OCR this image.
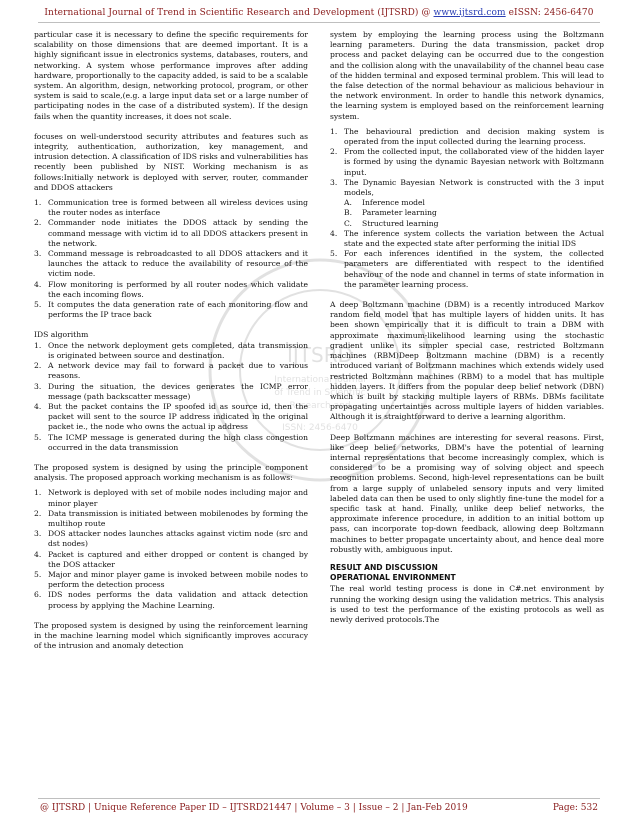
International Journal of Trend in Scientific Research and Development (IJTSRD) @ www.ijtsrd.com eISSN: 2456-6470
IJTSRD
International Journal
of Trend in Scientific
Research and
ISSN: 2456-6470

particular case it is necessary to define the specific requirements for scalability on those dimensions that are deemed important. It is a highly significant issue in electronics systems, databases, routers, and networking. A system whose performance improves after adding hardware, proportionally to the capacity added, is said to be a scalable system. An algorithm, design, networking protocol, program, or other system is said to scale,(e.g. a large input data set or a large number of participating nodes in the case of a distributed system). If the design fails when the quantity increases, it does not scale.

focuses on well-understood security attributes and features such as integrity, authentication, authorization, key management, and intrusion detection. A classification of IDS risks and vulnerabilities has recently been published by NIST. Working mechanism is as follows:Initially network is deployed with server, router, commander and DDOS attackers

1. Communication tree is formed between all wireless devices using the router nodes as interface
2. Commander node initiates the DDOS attack by sending the command message with victim id to all DDOS attackers present in the network.
3. Command message is rebroadcasted to all DDOS attackers and it launches the attack to reduce the availability of resource of the victim node.
4. Flow monitoring is performed by all router nodes which validate the each incoming flows.
5. It computes the data generation rate of each monitoring flow and performs the IP trace back

IDS algorithm

1. Once the network deployment gets completed, data transmission is originated between source and destination.
2. A network device may fail to forward a packet due to various reasons.
3. During the situation, the devices generates the ICMP error message (path backscatter message)
4. But the packet contains the IP spoofed id as source id, then the packet will sent to the source IP address indicated in the original packet ie., the node who owns the actual ip address
5. The ICMP message is generated during the high class congestion occurred in the data transmission

The proposed system is designed by using the principle component analysis. The proposed approach working mechanism is as follows:

1. Network is deployed with set of mobile nodes including major and minor player
2. Data transmission is initiated between mobilenodes by forming the multihop route
3. DOS attacker nodes launches attacks against victim node (src and dst nodes)
4. Packet is captured and either dropped or content is changed by the DOS attacker
5. Major and minor player game is invoked between mobile nodes to perform the detection process
6. IDS nodes performs the data validation and attack detection process by applying the Machine Learning.

The proposed system is designed by using the reinforcement learning in the machine learning model which significantly improves accuracy of the intrusion and anomaly detection

system by employing the learning process using the Boltzmann learning parameters. During the data transmission, packet drop process and packet delaying can be occurred due to the congestion and the collision along with the unavailability of the channel beau case of the hidden terminal and exposed terminal problem. This will lead to the false detection of the normal behaviour as malicious behaviour in the network environment. In order to handle this network dynamics, the learning system is employed based on the reinforcement learning system.

1. The behavioural prediction and decision making system is operated from the input collected during the learning process.
2. From the collected input, the collaborated view of the hidden layer is formed by using the dynamic Bayesian network with Boltzmann input.
3. The Dynamic Bayesian Network is constructed with the 3 input models,
A.	Inference model
B.	Parameter learning
C.	Structured learning
4. The inference system collects the variation between the Actual state and the expected state after performing the initial IDS
5. For each inferences identified in the system, the collected parameters are differentiated with respect to the identified behaviour of the node and channel in terms of state information in the parameter learning process.

A deep Boltzmann machine (DBM) is a recently introduced Markov random field model that has multiple layers of hidden units. It has been shown empirically that it is difficult to train a DBM with approximate maximum-likelihood learning using the stochastic gradient unlike its simpler special case, restricted Boltzmann machines (RBM)Deep Boltzmann machine (DBM) is a recently introduced variant of Boltzmann machines which extends widely used restricted Boltzmann machines (RBM) to a model that has multiple hidden layers. It differs from the popular deep belief network (DBN) which is built by stacking multiple layers of RBMs. DBMs facilitate propagating uncertainties across multiple layers of hidden variables. Although it is straightforward to derive a learning algorithm.

Deep Boltzmann machines are interesting for several reasons. First, like deep belief networks, DBM's have the potential of learning internal representations that become increasingly complex, which is considered to be a promising way of solving object and speech recognition problems. Second, high-level representations can be built from a large supply of unlabeled sensory inputs and very limited labeled data can then be used to only slightly fine-tune the model for a specific task at hand. Finally, unlike deep belief networks, the approximate inference procedure, in addition to an initial bottom up pass, can incorporate top-down feedback, allowing deep Boltzmann machines to better propagate uncertainty about, and hence deal more robustly with, ambiguous input.

RESULT AND DISCUSSION
OPERATIONAL ENVIRONMENT

The real world testing process is done in C#.net environment by running the working design using the validation metrics. This analysis is used to test the performance of the existing protocols as well as newly derived protocols.The

@ IJTSRD | Unique Reference Paper ID – IJTSRD21447 | Volume – 3 | Issue – 2 | Jan-Feb 2019	Page: 532
